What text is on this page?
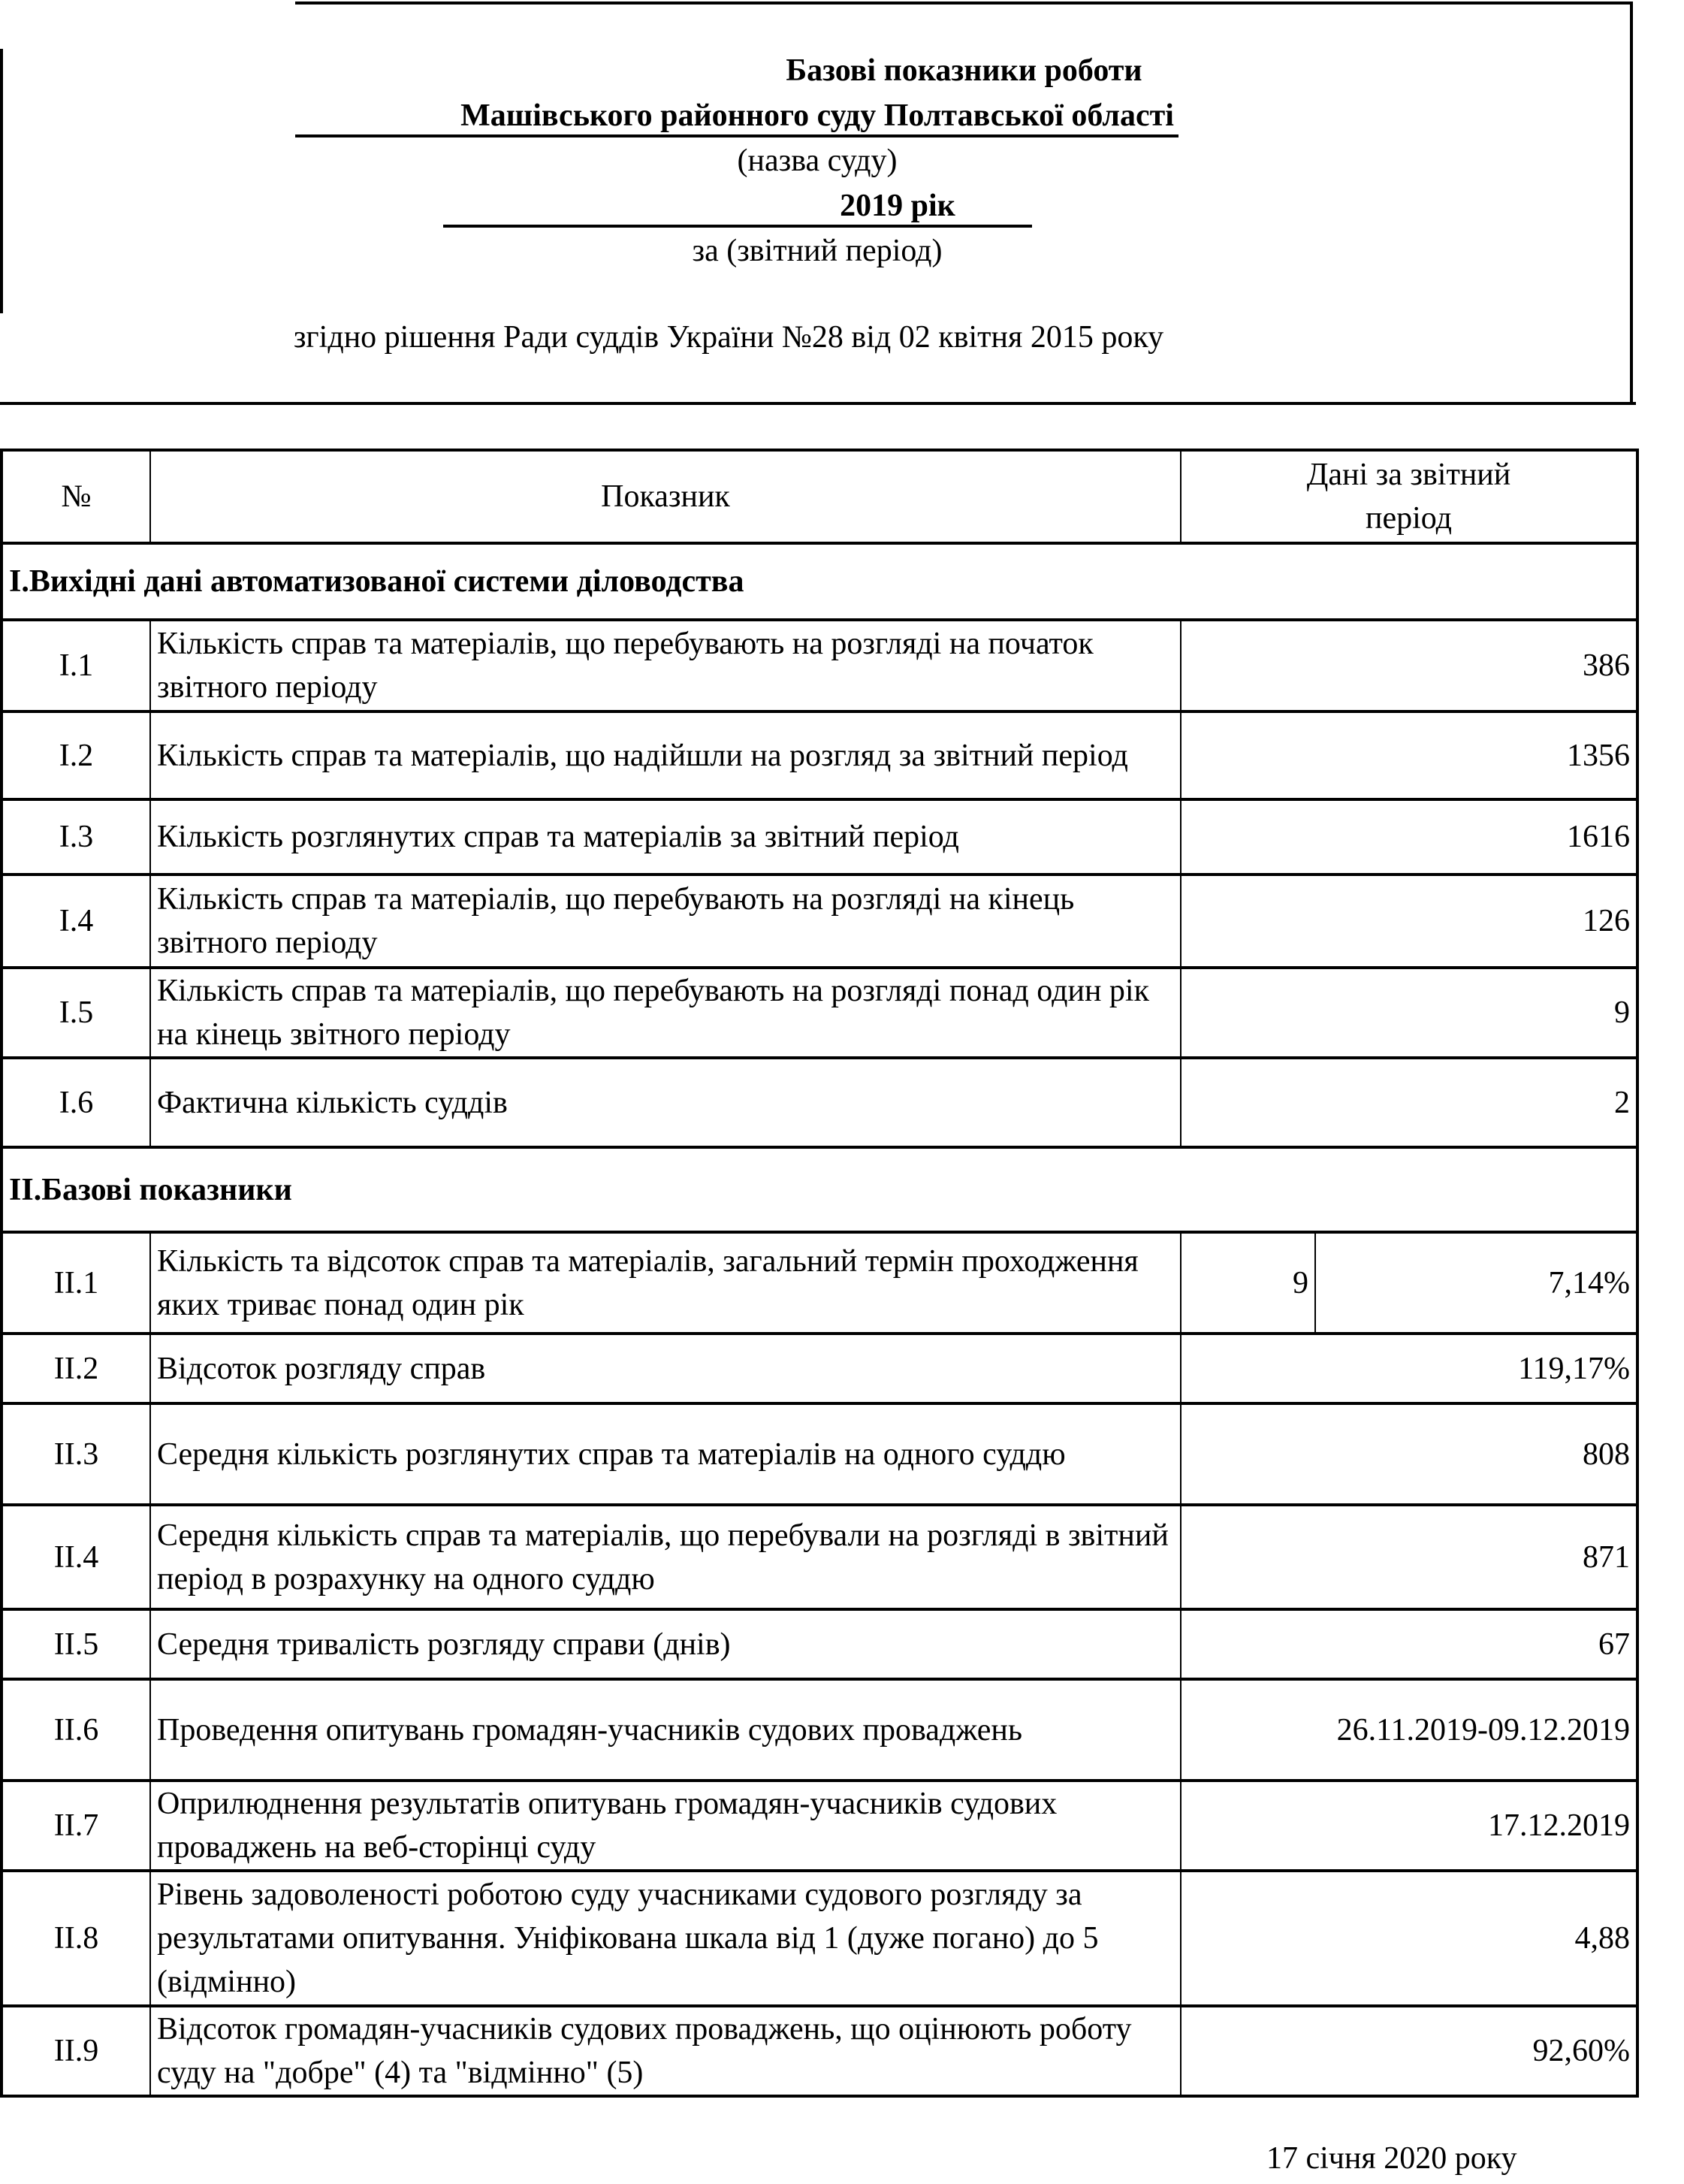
Базові показники роботи
Машівського районного суду Полтавської області
(назва суду)
2019 рік
за (звітний період)
згідно рішення Ради суддів України №28 від 02 квітня 2015 року
№	Показник	Дані за звітний період	
I.Вихідні дані автоматизованої системи діловодства			
I.1	Кількість справ та матеріалів, що перебувають на розгляді на початок звітного періоду	386	
I.2	Кількість справ та матеріалів, що надійшли на розгляд за звітний період	1356	
I.3	Кількість розглянутих справ та матеріалів за звітний період	1616	
I.4	Кількість справ та матеріалів, що перебувають на розгляді на кінець звітного періоду	126	
I.5	Кількість справ та матеріалів, що перебувають на розгляді понад один рік на кінець звітного періоду	9	
I.6	Фактична кількість суддів	2	
II.Базові показники			
II.1	Кількість та відсоток справ та матеріалів, загальний термін проходження яких триває понад один рік	9	7,14%
II.2	Відсоток розгляду справ	119,17%	
II.3	Середня кількість розглянутих справ та матеріалів на одного суддю	808	
II.4	Середня кількість справ та матеріалів, що перебували на розгляді в звітний період в розрахунку на одного суддю	871	
II.5	Середня тривалість розгляду справи (днів)	67	
II.6	Проведення опитувань громадян-учасників судових проваджень	26.11.2019-09.12.2019	
II.7	Оприлюднення результатів опитувань громадян-учасників судових проваджень на веб-сторінці суду	17.12.2019	
II.8	Рівень задоволеності роботою суду учасниками судового розгляду за результатами опитування. Уніфікована шкала від 1 (дуже погано) до 5 (відмінно)	4,88	
II.9	Відсоток громадян-учасників судових проваджень, що оцінюють роботу суду на "добре" (4) та "відмінно" (5)	92,60%	
17 січня 2020 року
